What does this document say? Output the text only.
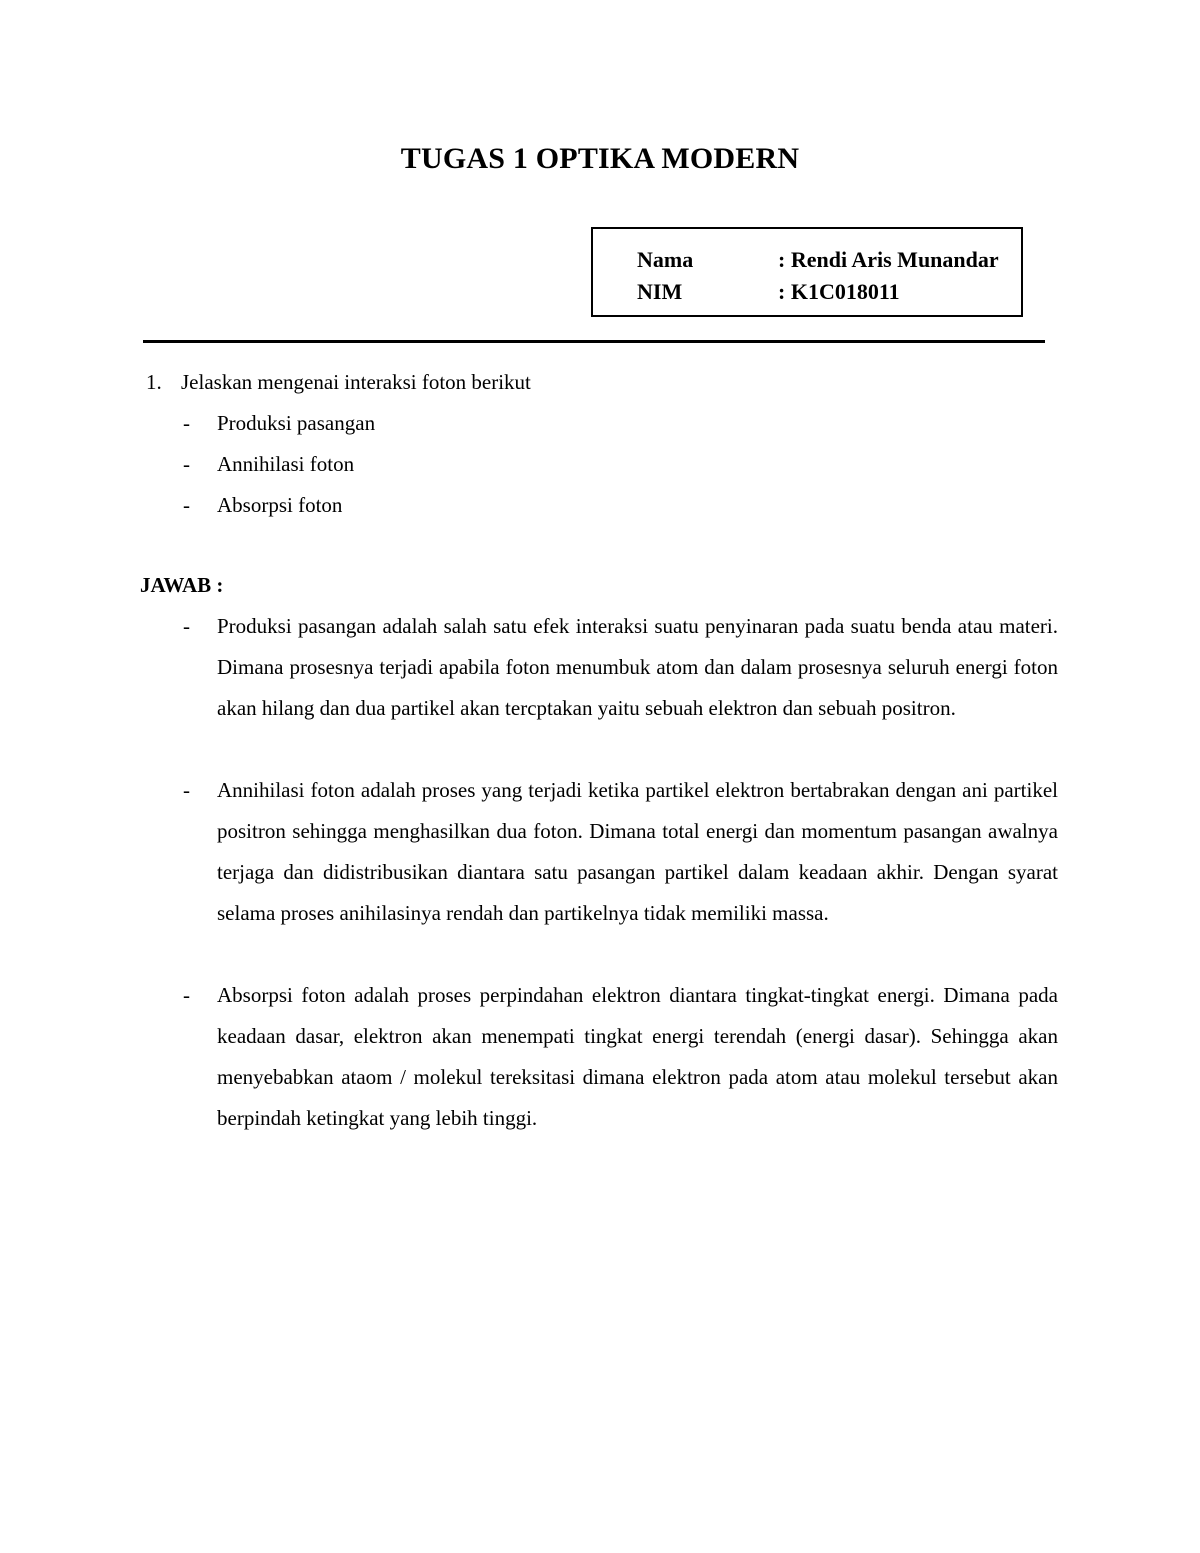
TUGAS 1 OPTIKA MODERN
Nama	: Rendi Aris Munandar
NIM	: K1C018011
1. Jelaskan mengenai interaksi foton berikut
- Produksi pasangan
- Annihilasi foton
- Absorpsi foton
JAWAB :
- Produksi pasangan adalah salah satu efek interaksi suatu penyinaran pada suatu benda atau materi. Dimana prosesnya terjadi apabila foton menumbuk atom dan dalam prosesnya seluruh energi foton akan hilang dan dua partikel akan tercptakan yaitu sebuah elektron dan sebuah positron.

- Annihilasi foton adalah proses yang terjadi ketika partikel elektron bertabrakan dengan ani partikel positron sehingga menghasilkan dua foton. Dimana total energi dan momentum pasangan awalnya terjaga dan didistribusikan diantara satu pasangan partikel dalam keadaan akhir. Dengan syarat selama proses anihilasinya rendah dan partikelnya tidak memiliki massa.

- Absorpsi foton adalah proses perpindahan elektron diantara tingkat-tingkat energi. Dimana pada keadaan dasar, elektron akan menempati tingkat energi terendah (energi dasar). Sehingga akan menyebabkan ataom / molekul tereksitasi dimana elektron pada atom atau molekul tersebut akan berpindah ketingkat yang lebih tinggi.
